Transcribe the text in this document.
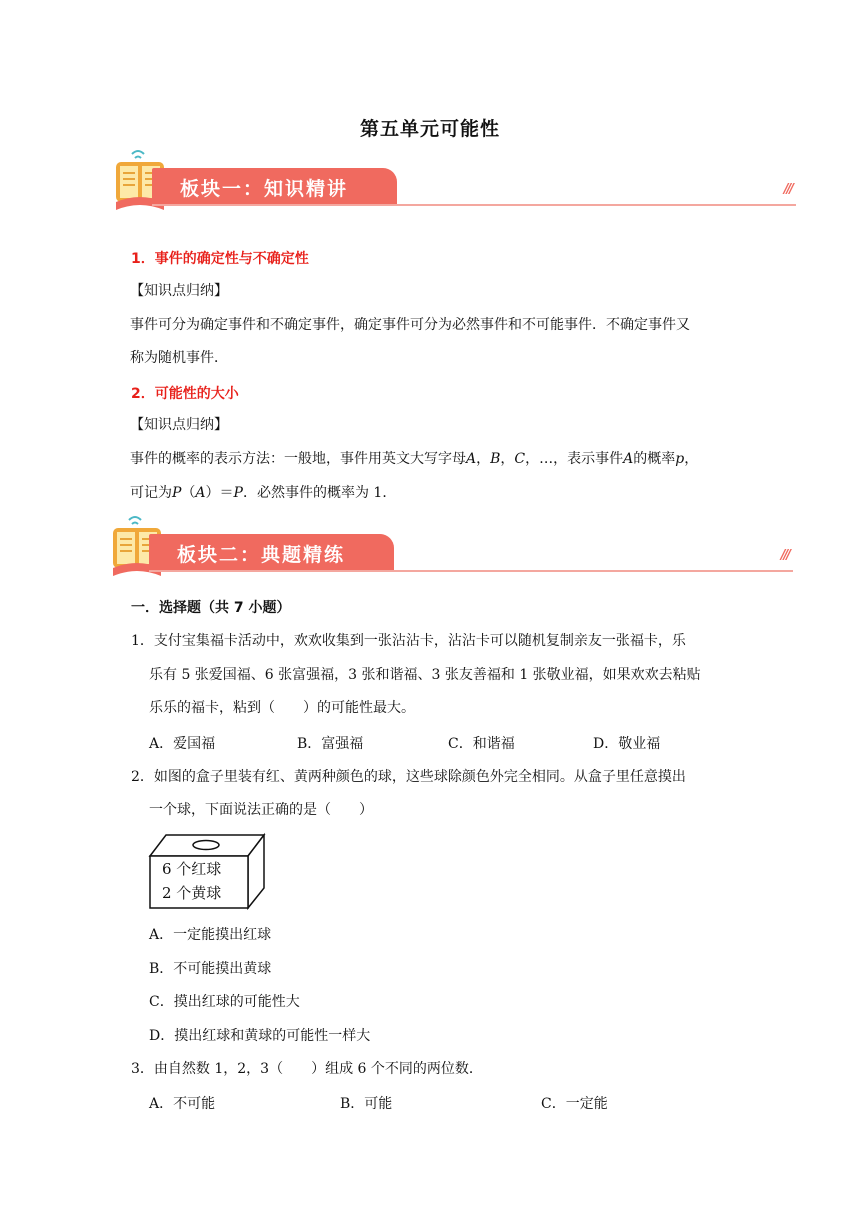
第五单元可能性
板块一：知识精讲	///
1．事件的确定性与不确定性
【知识点归纳】
事件可分为确定事件和不确定事件，确定事件可分为必然事件和不可能事件．不确定事件又
称为随机事件．
2．可能性的大小
【知识点归纳】
事件的概率的表示方法：一般地，事件用英文大写字母A，B，C，…，表示事件A的概率p，
可记为P（A）＝P．必然事件的概率为 1．
板块二：典题精练	///
一．选择题（共 7 小题）
1．支付宝集福卡活动中，欢欢收集到一张沾沾卡，沾沾卡可以随机复制亲友一张福卡，乐
乐有 5 张爱国福、6 张富强福，3 张和谐福、3 张友善福和 1 张敬业福，如果欢欢去粘贴
乐乐的福卡，粘到（　　）的可能性最大。
A．爱国福	B．富强福	C．和谐福	D．敬业福
2．如图的盒子里装有红、黄两种颜色的球，这些球除颜色外完全相同。从盒子里任意摸出
一个球，下面说法正确的是（　　）
6 个红球
2 个黄球
A．一定能摸出红球
B．不可能摸出黄球
C．摸出红球的可能性大
D．摸出红球和黄球的可能性一样大
3．由自然数 1，2，3（　　）组成 6 个不同的两位数．
A．不可能	B．可能	C．一定能
